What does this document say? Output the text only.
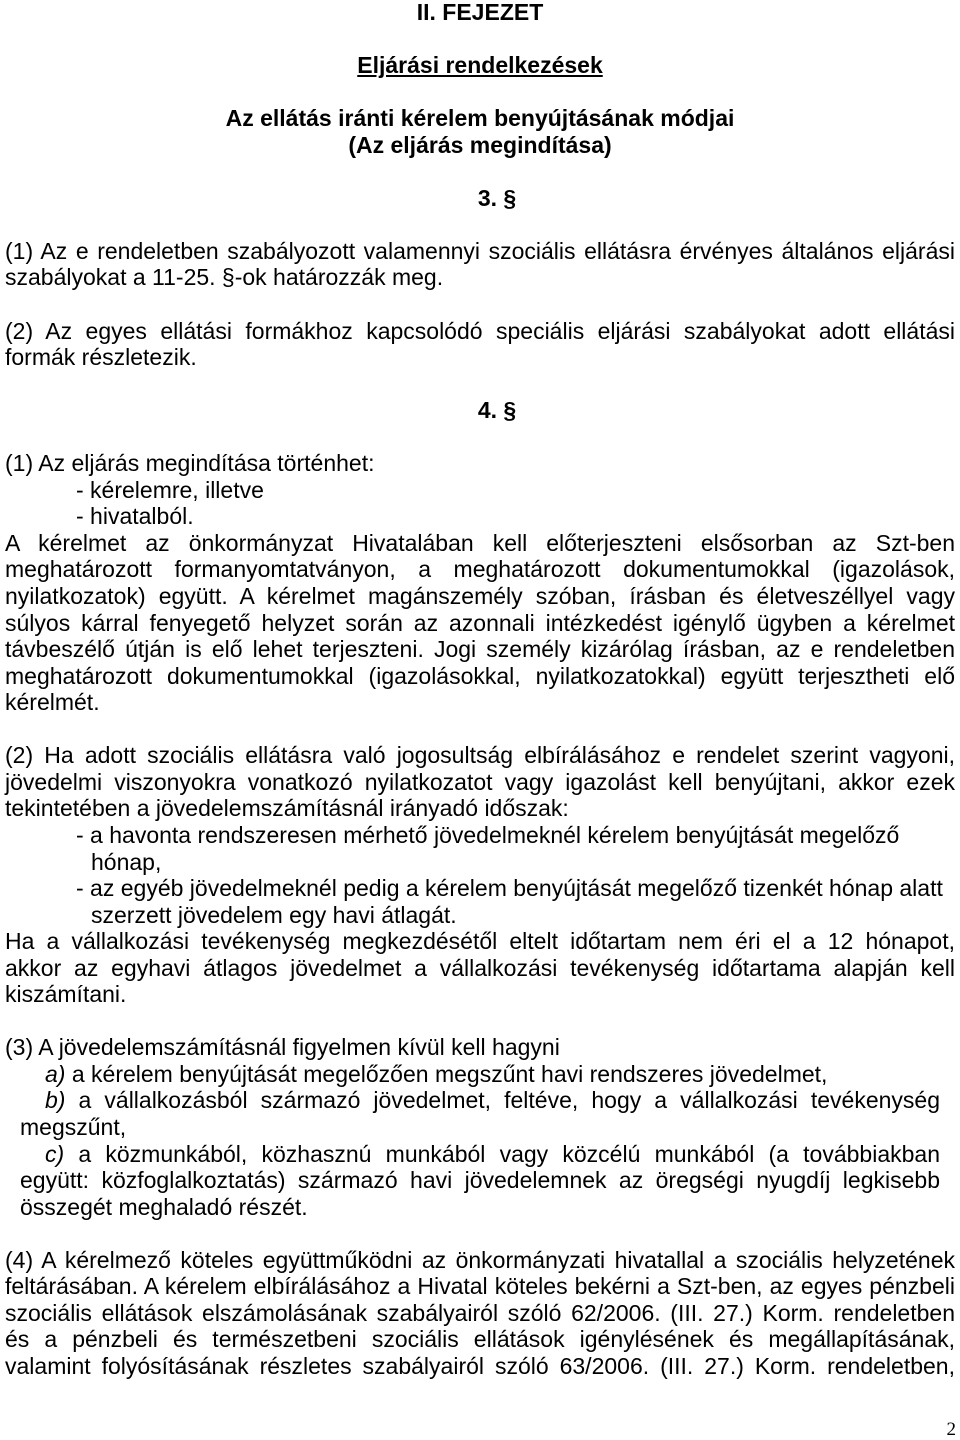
II. FEJEZET
Eljárási rendelkezések
Az ellátás iránti kérelem benyújtásának módjai
(Az eljárás megindítása)
3. §
(1) Az e rendeletben szabályozott valamennyi szociális ellátásra érvényes általános eljárási
szabályokat a 11-25. §-ok határozzák meg.
(2) Az egyes ellátási formákhoz kapcsolódó speciális eljárási szabályokat adott ellátási
formák részletezik.
4. §
(1) Az eljárás megindítása történhet:
- kérelemre, illetve
- hivatalból.
A kérelmet az önkormányzat Hivatalában kell előterjeszteni elsősorban az Szt-ben
meghatározott formanyomtatványon, a meghatározott dokumentumokkal (igazolások,
nyilatkozatok) együtt. A kérelmet magánszemély szóban, írásban és életveszéllyel vagy
súlyos kárral fenyegető helyzet során az azonnali intézkedést igénylő ügyben a kérelmet
távbeszélő útján is elő lehet terjeszteni. Jogi személy kizárólag írásban, az e rendeletben
meghatározott dokumentumokkal (igazolásokkal, nyilatkozatokkal) együtt terjesztheti elő
kérelmét.
(2) Ha adott szociális ellátásra való jogosultság elbírálásához e rendelet szerint vagyoni,
jövedelmi viszonyokra vonatkozó nyilatkozatot vagy igazolást kell benyújtani, akkor ezek
tekintetében a jövedelemszámításnál irányadó időszak:
- a havonta rendszeresen mérhető jövedelmeknél kérelem benyújtását megelőző
hónap,
- az egyéb jövedelmeknél pedig a kérelem benyújtását megelőző tizenkét hónap alatt
szerzett jövedelem egy havi átlagát.
Ha a vállalkozási tevékenység megkezdésétől eltelt időtartam nem éri el a 12 hónapot,
akkor az egyhavi átlagos jövedelmet a vállalkozási tevékenység időtartama alapján kell
kiszámítani.
(3) A jövedelemszámításnál figyelmen kívül kell hagyni
a) a kérelem benyújtását megelőzően megszűnt havi rendszeres jövedelmet,
b) a vállalkozásból származó jövedelmet, feltéve, hogy a vállalkozási tevékenység
megszűnt,
c) a közmunkából, közhasznú munkából vagy közcélú munkából (a továbbiakban
együtt: közfoglalkoztatás) származó havi jövedelemnek az öregségi nyugdíj legkisebb
összegét meghaladó részét.
(4) A kérelmező köteles együttműködni az önkormányzati hivatallal a szociális helyzetének
feltárásában. A kérelem elbírálásához a Hivatal köteles bekérni a Szt-ben, az egyes pénzbeli
szociális ellátások elszámolásának szabályairól szóló 62/2006. (III. 27.) Korm. rendeletben
és a pénzbeli és természetbeni szociális ellátások igénylésének és megállapításának,
valamint folyósításának részletes szabályairól szóló 63/2006. (III. 27.) Korm. rendeletben,
2
